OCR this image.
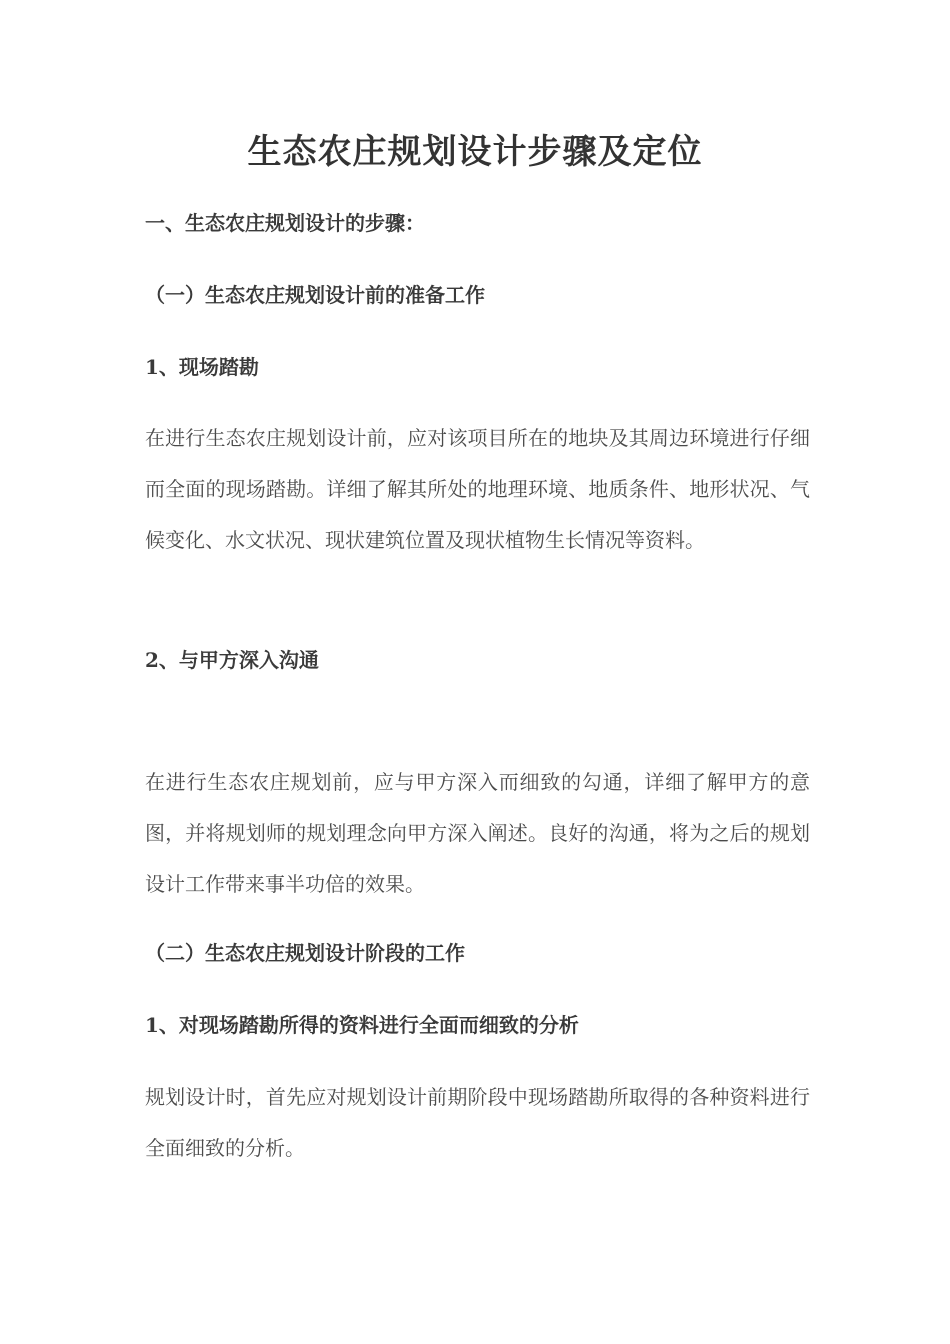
生态农庄规划设计步骤及定位
一、生态农庄规划设计的步骤：
（一）生态农庄规划设计前的准备工作
1、现场踏勘
在进行生态农庄规划设计前，应对该项目所在的地块及其周边环境进行仔细而全面的现场踏勘。详细了解其所处的地理环境、地质条件、地形状况、气候变化、水文状况、现状建筑位置及现状植物生长情况等资料。
2、与甲方深入沟通
在进行生态农庄规划前，应与甲方深入而细致的勾通，详细了解甲方的意图，并将规划师的规划理念向甲方深入阐述。良好的沟通，将为之后的规划设计工作带来事半功倍的效果。
（二）生态农庄规划设计阶段的工作
1、对现场踏勘所得的资料进行全面而细致的分析
规划设计时，首先应对规划设计前期阶段中现场踏勘所取得的各种资料进行全面细致的分析。
